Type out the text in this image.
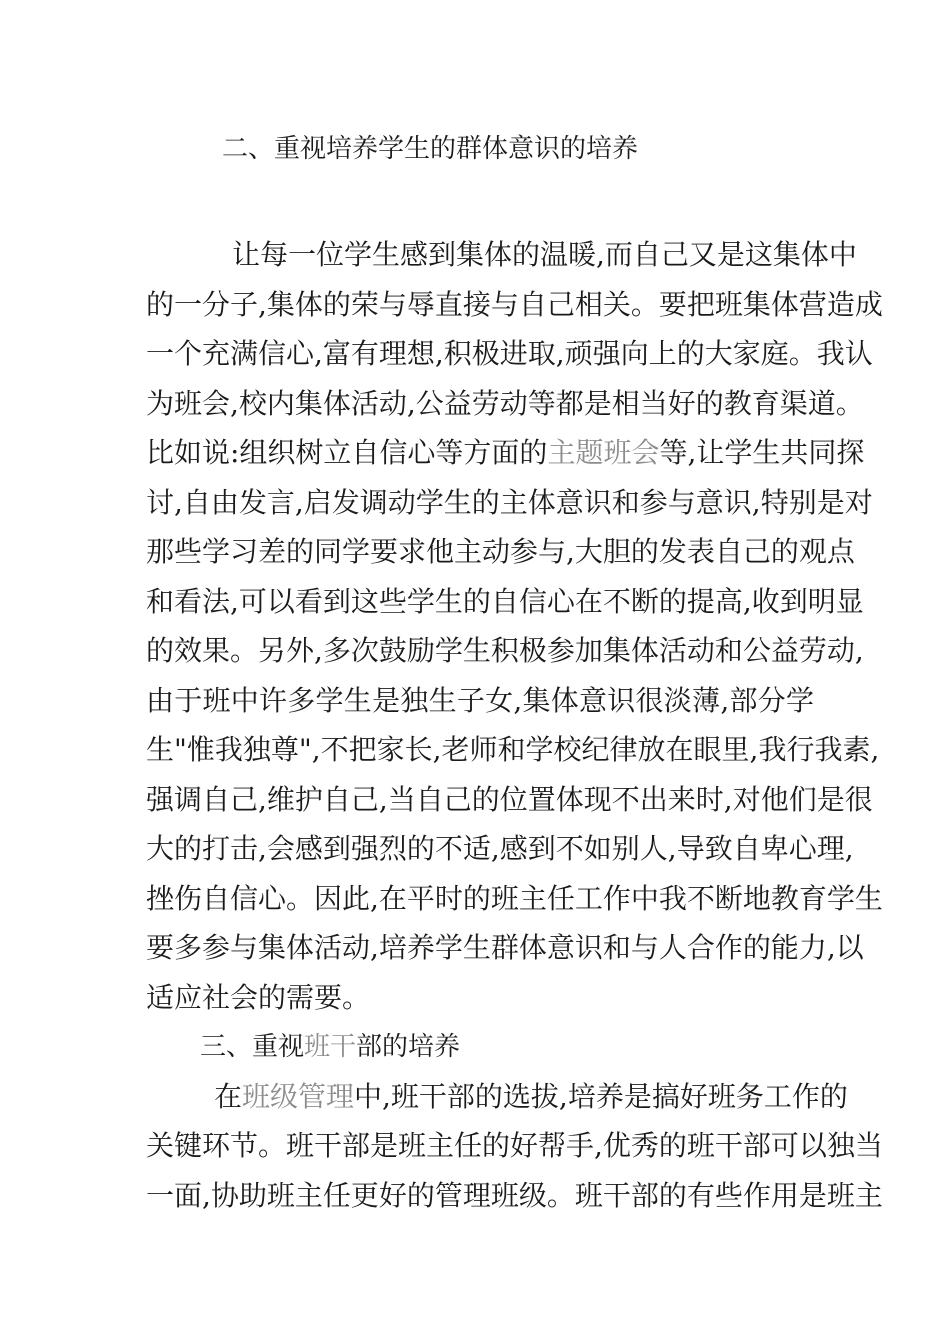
二、重视培养学生的群体意识的培养
让每一位学生感到集体的温暖,而自己又是这集体中
的一分子,集体的荣与辱直接与自己相关。要把班集体营造成
一个充满信心,富有理想,积极进取,顽强向上的大家庭。我认
为班会,校内集体活动,公益劳动等都是相当好的教育渠道。
比如说:组织树立自信心等方面的主题班会等,让学生共同探
讨,自由发言,启发调动学生的主体意识和参与意识,特别是对
那些学习差的同学要求他主动参与,大胆的发表自己的观点
和看法,可以看到这些学生的自信心在不断的提高,收到明显
的效果。另外,多次鼓励学生积极参加集体活动和公益劳动,
由于班中许多学生是独生子女,集体意识很淡薄,部分学
生"惟我独尊",不把家长,老师和学校纪律放在眼里,我行我素,
强调自己,维护自己,当自己的位置体现不出来时,对他们是很
大的打击,会感到强烈的不适,感到不如别人,导致自卑心理,
挫伤自信心。因此,在平时的班主任工作中我不断地教育学生
要多参与集体活动,培养学生群体意识和与人合作的能力,以
适应社会的需要。
三、重视班干部的培养
在班级管理中,班干部的选拔,培养是搞好班务工作的
关键环节。班干部是班主任的好帮手,优秀的班干部可以独当
一面,协助班主任更好的管理班级。班干部的有些作用是班主
